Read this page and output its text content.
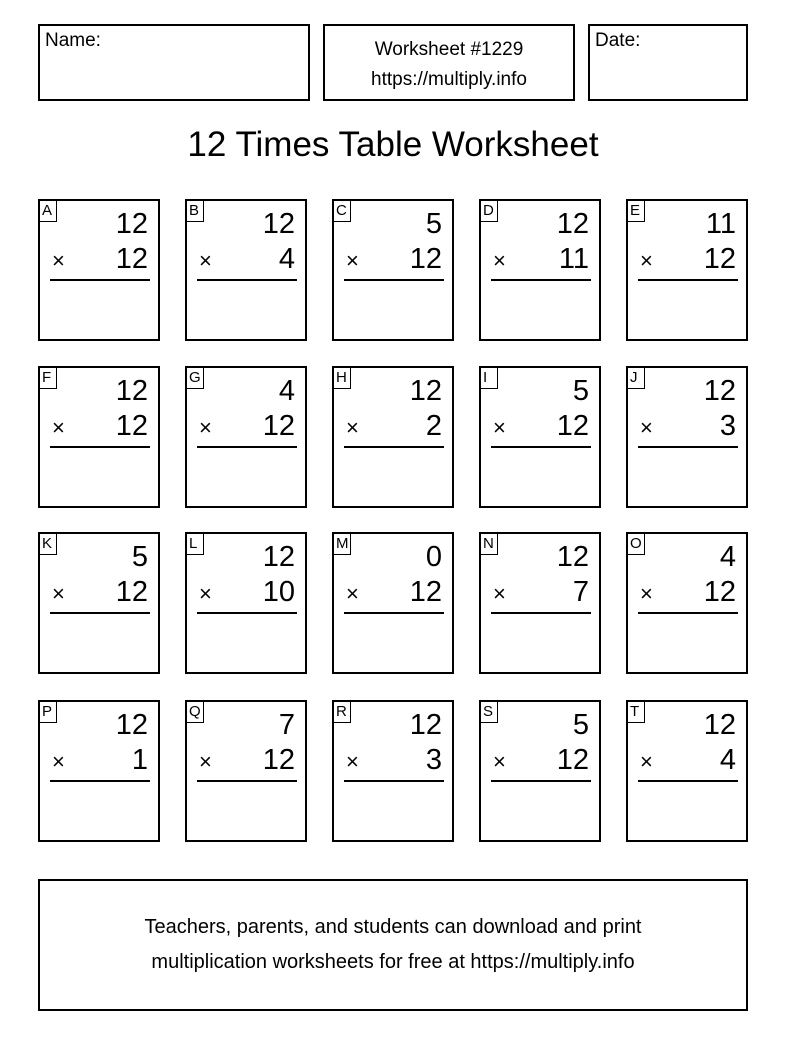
Name:	Worksheet #1229
https://multiply.info
Date:
12 Times Table Worksheet
A 12
× 12
B 12
× 4
C	5
× 12
D 12
× 11
E 11
× 12
F 12
× 12
G	4
× 12
H 12
× 2
I	5
× 12
J 12
× 3
K	5
× 12
L 12
× 10
M	0
× 12
N 12
× 7
O	4
× 12
P 12
× 1
Q	7
× 12
R 12
× 3
S	5
× 12
T 12
× 4
Teachers, parents, and students can download and print
multiplication worksheets for free at https://multiply.info
